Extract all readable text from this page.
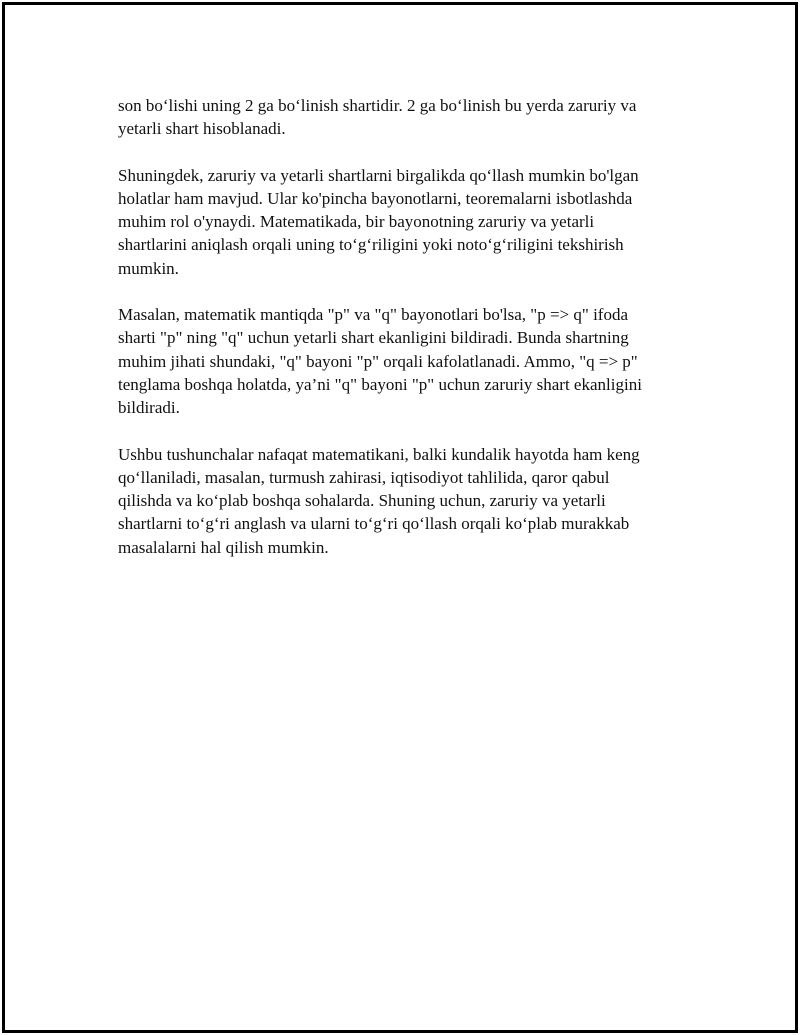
son bo‘lishi uning 2 ga bo‘linish shartidir. 2 ga bo‘linish bu yerda zaruriy va
yetarli shart hisoblanadi.

Shuningdek, zaruriy va yetarli shartlarni birgalikda qo‘llash mumkin bo'lgan
holatlar ham mavjud. Ular ko'pincha bayonotlarni, teoremalarni isbotlashda
muhim rol o'ynaydi. Matematikada, bir bayonotning zaruriy va yetarli
shartlarini aniqlash orqali uning to‘g‘riligini yoki noto‘g‘riligini tekshirish
mumkin.

Masalan, matematik mantiqda "p" va "q" bayonotlari bo'lsa, "p => q" ifoda
sharti "p" ning "q" uchun yetarli shart ekanligini bildiradi. Bunda shartning
muhim jihati shundaki, "q" bayoni "p" orqali kafolatlanadi. Ammo, "q => p"
tenglama boshqa holatda, ya’ni "q" bayoni "p" uchun zaruriy shart ekanligini
bildiradi.

Ushbu tushunchalar nafaqat matematikani, balki kundalik hayotda ham keng
qo‘llaniladi, masalan, turmush zahirasi, iqtisodiyot tahlilida, qaror qabul
qilishda va ko‘plab boshqa sohalarda. Shuning uchun, zaruriy va yetarli
shartlarni to‘g‘ri anglash va ularni to‘g‘ri qo‘llash orqali ko‘plab murakkab
masalalarni hal qilish mumkin.
